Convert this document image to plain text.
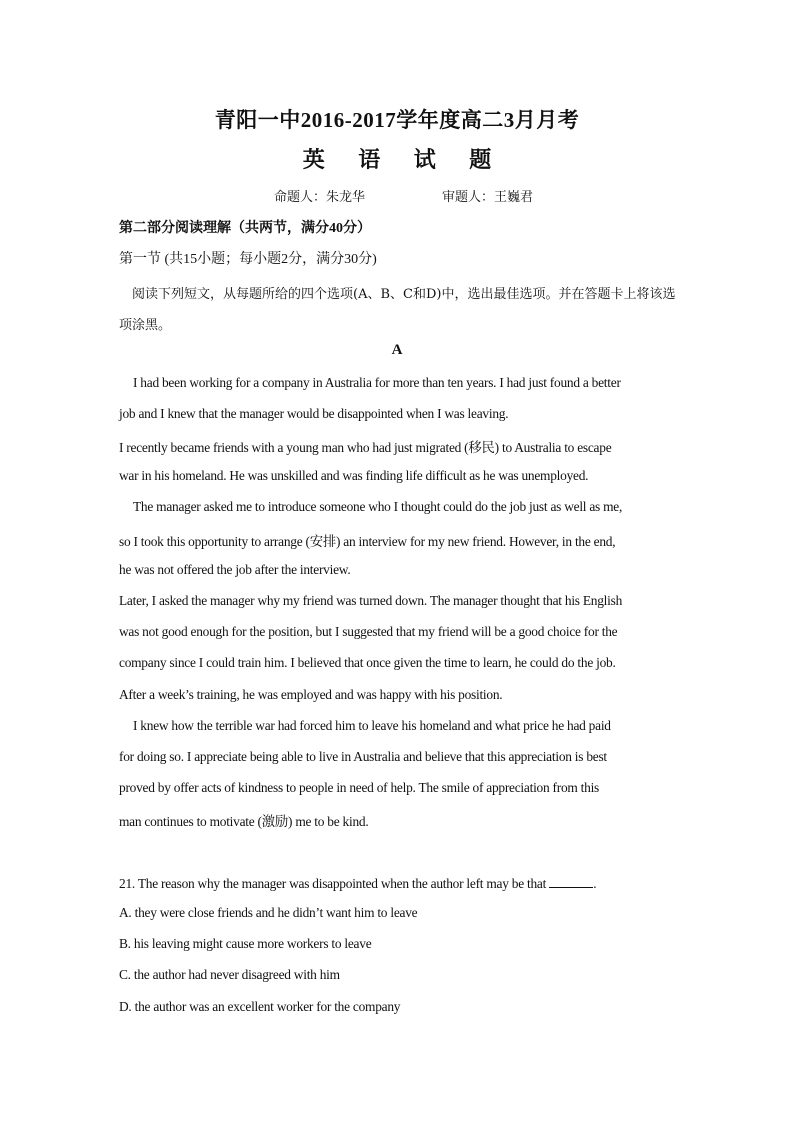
青阳一中2016-2017学年度高二3月月考
英 语 试 题
命题人：朱龙华	审题人：王巍君
第二部分阅读理解（共两节，满分40分）
第一节 (共15小题；每小题2分，满分30分)
阅读下列短文，从每题所给的四个选项(A、B、C和D)中，选出最佳选项。并在答题卡上将该选项涂黑。
A
I had been working for a company in Australia for more than ten years. I had just found a better
job and I knew that the manager would be disappointed when I was leaving.
I recently became friends with a young man who had just migrated (移民) to Australia to escape
war in his homeland. He was unskilled and was finding life difficult as he was unemployed.
The manager asked me to introduce someone who I thought could do the job just as well as me,
so I took this opportunity to arrange (安排) an interview for my new friend. However, in the end,
he was not offered the job after the interview.
Later, I asked the manager why my friend was turned down. The manager thought that his English
was not good enough for the position, but I suggested that my friend will be a good choice for the
company since I could train him. I believed that once given the time to learn, he could do the job.
After a week’s training, he was employed and was happy with his position.
I knew how the terrible war had forced him to leave his homeland and what price he had paid
for doing so. I appreciate being able to live in Australia and believe that this appreciation is best
proved by offer acts of kindness to people in need of help. The smile of appreciation from this
man continues to motivate (激励) me to be kind.
21. The reason why the manager was disappointed when the author left may be that	.
A. they were close friends and he didn’t want him to leave
B. his leaving might cause more workers to leave
C. the author had never disagreed with him
D. the author was an excellent worker for the company
